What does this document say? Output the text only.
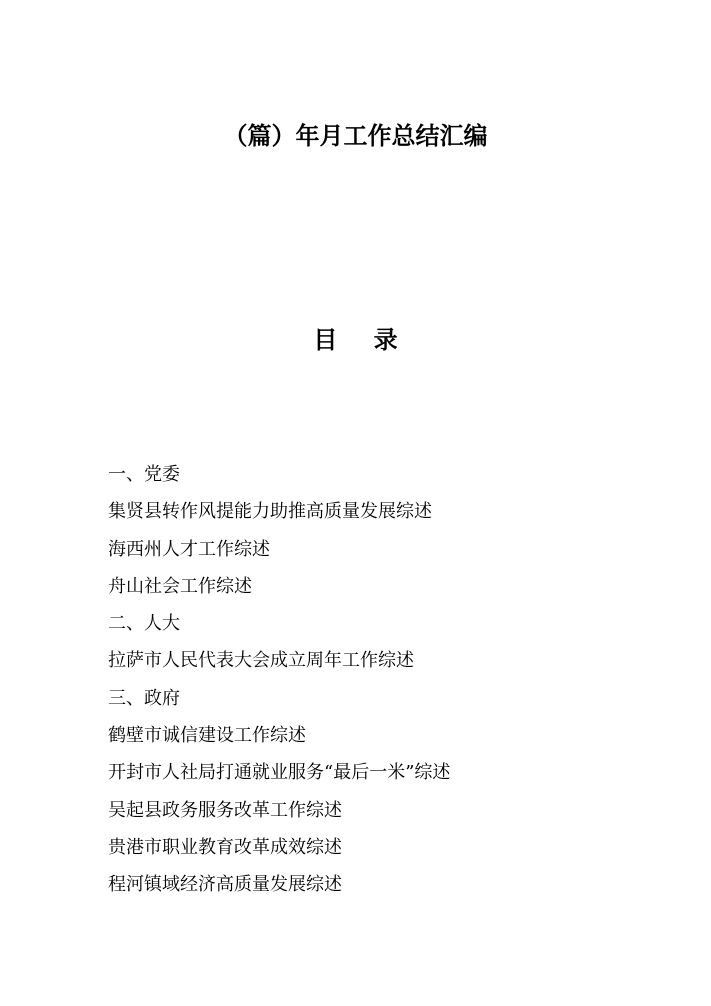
（篇）年月工作总结汇编
目 录
一、党委
集贤县转作风提能力助推高质量发展综述
海西州人才工作综述
舟山社会工作综述
二、人大
拉萨市人民代表大会成立周年工作综述
三、政府
鹤壁市诚信建设工作综述
开封市人社局打通就业服务“最后一米”综述
吴起县政务服务改革工作综述
贵港市职业教育改革成效综述
程河镇域经济高质量发展综述
